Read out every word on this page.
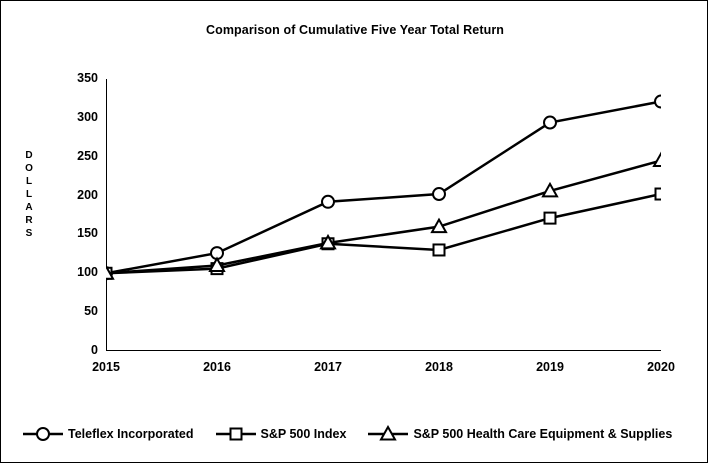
Comparison of Cumulative Five Year Total Return
D
O
L
L
A
R
S
0
50
100
150
200
250
300
350
2015	2016	2017	2018	2019	2020
Teleflex Incorporated	S&P 500 Index	S&P 500 Health Care Equipment & Supplies
